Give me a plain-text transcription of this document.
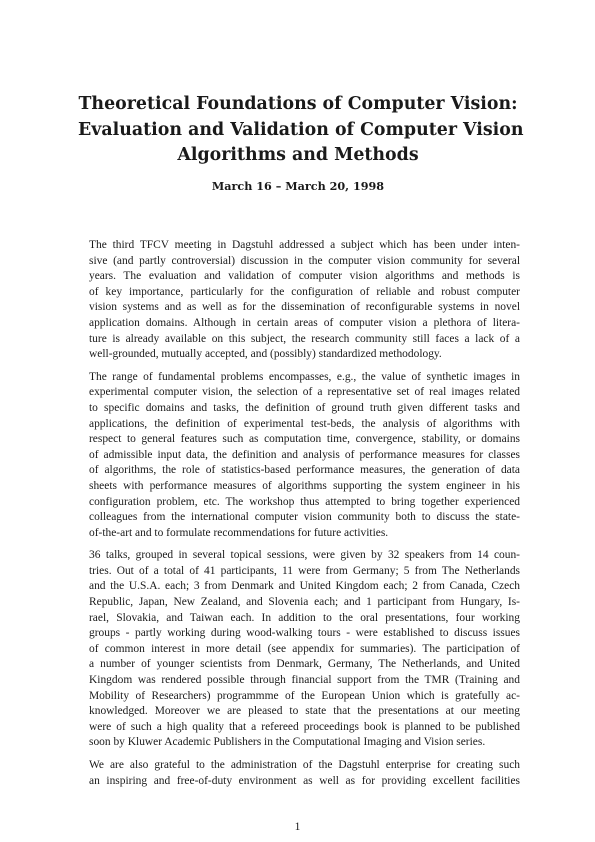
Theoretical Foundations of Computer Vision:
Evaluation and Validation of Computer Vision
Algorithms and Methods

March 16 – March 20, 1998

The third TFCV meeting in Dagstuhl addressed a subject which has been under inten-
sive (and partly controversial) discussion in the computer vision community for several
years. The evaluation and validation of computer vision algorithms and methods is
of key importance, particularly for the configuration of reliable and robust computer
vision systems and as well as for the dissemination of reconfigurable systems in novel
application domains. Although in certain areas of computer vision a plethora of litera-
ture is already available on this subject, the research community still faces a lack of a
well-grounded, mutually accepted, and (possibly) standardized methodology.

The range of fundamental problems encompasses, e.g., the value of synthetic images in
experimental computer vision, the selection of a representative set of real images related
to specific domains and tasks, the definition of ground truth given different tasks and
applications, the definition of experimental test-beds, the analysis of algorithms with
respect to general features such as computation time, convergence, stability, or domains
of admissible input data, the definition and analysis of performance measures for classes
of algorithms, the role of statistics-based performance measures, the generation of data
sheets with performance measures of algorithms supporting the system engineer in his
configuration problem, etc. The workshop thus attempted to bring together experienced
colleagues from the international computer vision community both to discuss the state-
of-the-art and to formulate recommendations for future activities.

36 talks, grouped in several topical sessions, were given by 32 speakers from 14 coun-
tries. Out of a total of 41 participants, 11 were from Germany; 5 from The Netherlands
and the U.S.A. each; 3 from Denmark and United Kingdom each; 2 from Canada, Czech
Republic, Japan, New Zealand, and Slovenia each; and 1 participant from Hungary, Is-
rael, Slovakia, and Taiwan each. In addition to the oral presentations, four working
groups - partly working during wood-walking tours - were established to discuss issues
of common interest in more detail (see appendix for summaries). The participation of
a number of younger scientists from Denmark, Germany, The Netherlands, and United
Kingdom was rendered possible through financial support from the TMR (Training and
Mobility of Researchers) programmme of the European Union which is gratefully ac-
knowledged. Moreover we are pleased to state that the presentations at our meeting
were of such a high quality that a refereed proceedings book is planned to be published
soon by Kluwer Academic Publishers in the Computational Imaging and Vision series.

We are also grateful to the administration of the Dagstuhl enterprise for creating such
an inspiring and free-of-duty environment as well as for providing excellent facilities

1
